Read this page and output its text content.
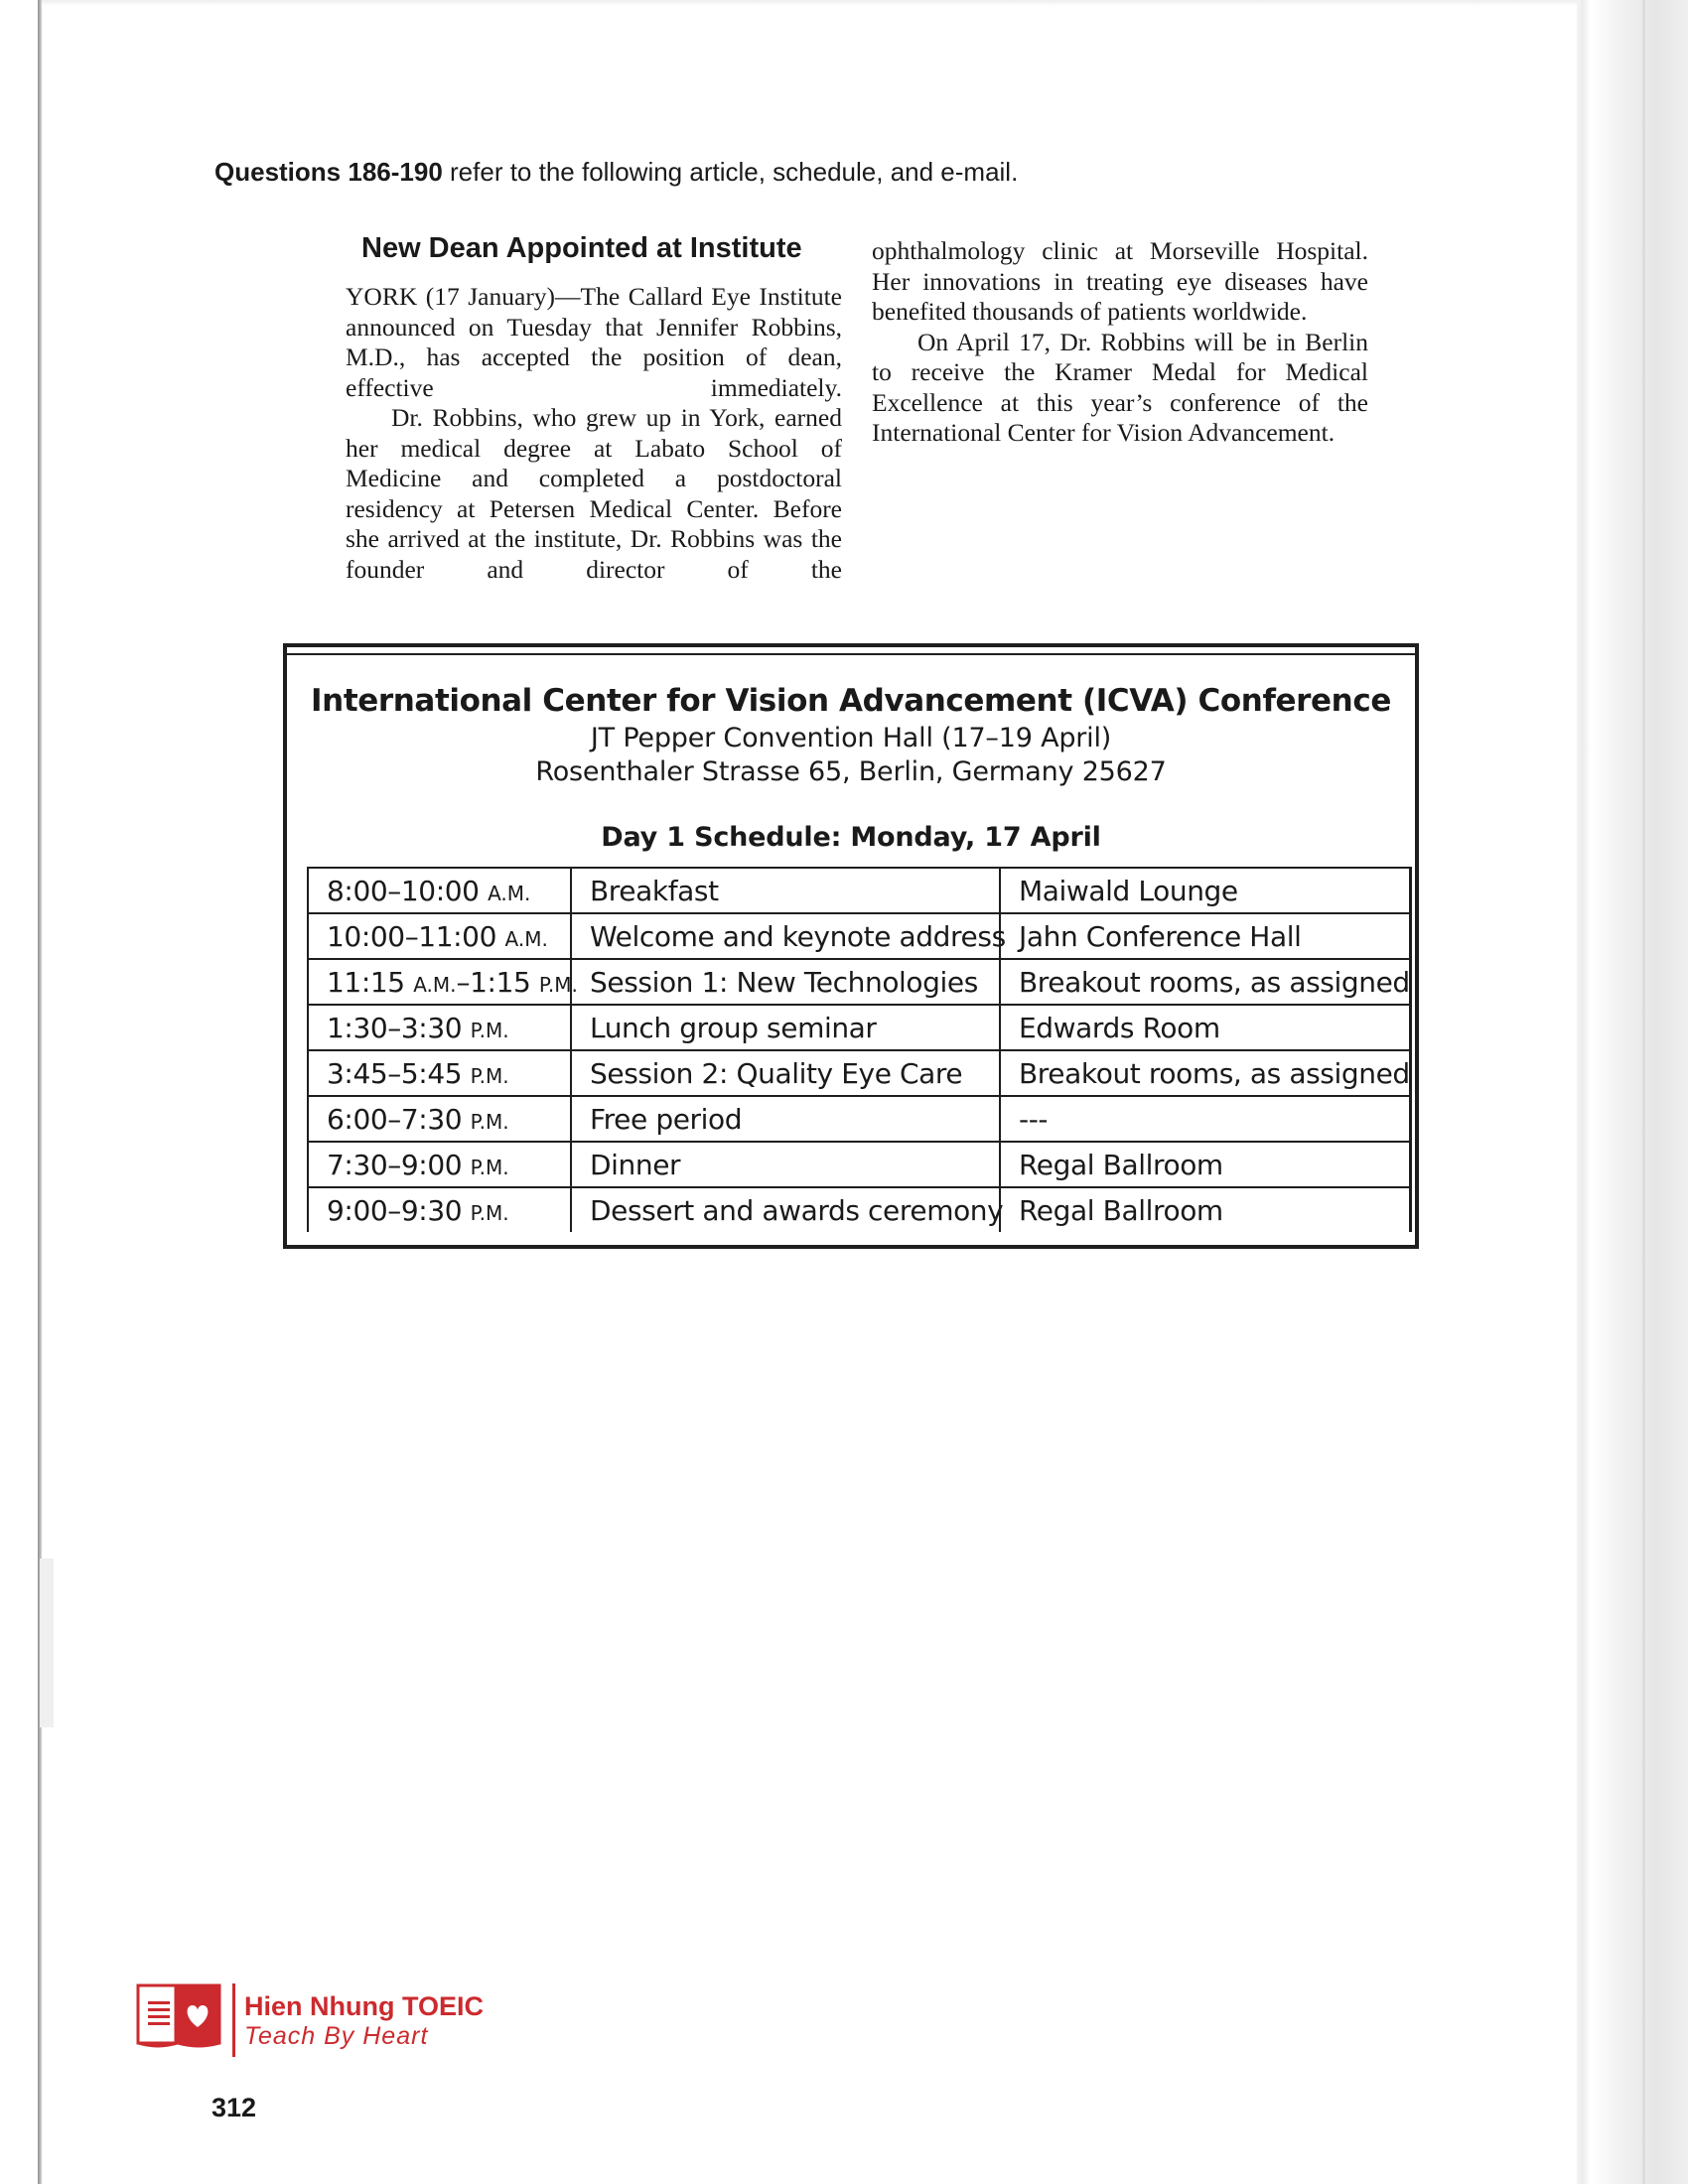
Questions 186-190 refer to the following article, schedule, and e-mail.
New Dean Appointed at Institute

YORK (17 January)—The Callard Eye Institute announced on Tuesday that Jennifer Robbins, M.D., has accepted the position of dean, effective immediately.

Dr. Robbins, who grew up in York, earned her medical degree at Labato School of Medicine and completed a postdoctoral residency at Petersen Medical Center. Before she arrived at the institute, Dr. Robbins was the founder and director of the

ophthalmology clinic at Morseville Hospital. Her innovations in treating eye diseases have benefited thousands of patients worldwide.

On April 17, Dr. Robbins will be in Berlin to receive the Kramer Medal for Medical Excellence at this year’s conference of the International Center for Vision Advancement.

International Center for Vision Advancement (ICVA) Conference
JT Pepper Convention Hall (17–19 April)
Rosenthaler Strasse 65, Berlin, Germany 25627
Day 1 Schedule: Monday, 17 April
8:00–10:00 A.M.	Breakfast	Maiwald Lounge
10:00–11:00 A.M.	Welcome and keynote address	Jahn Conference Hall
11:15 A.M.–1:15 P.M.	Session 1: New Technologies	Breakout rooms, as assigned
1:30–3:30 P.M.	Lunch group seminar	Edwards Room
3:45–5:45 P.M.	Session 2: Quality Eye Care	Breakout rooms, as assigned
6:00–7:30 P.M.	Free period	---
7:30–9:00 P.M.	Dinner	Regal Ballroom
9:00–9:30 P.M.	Dessert and awards ceremony	Regal Ballroom
Hien Nhung TOEIC
Teach By Heart
312
